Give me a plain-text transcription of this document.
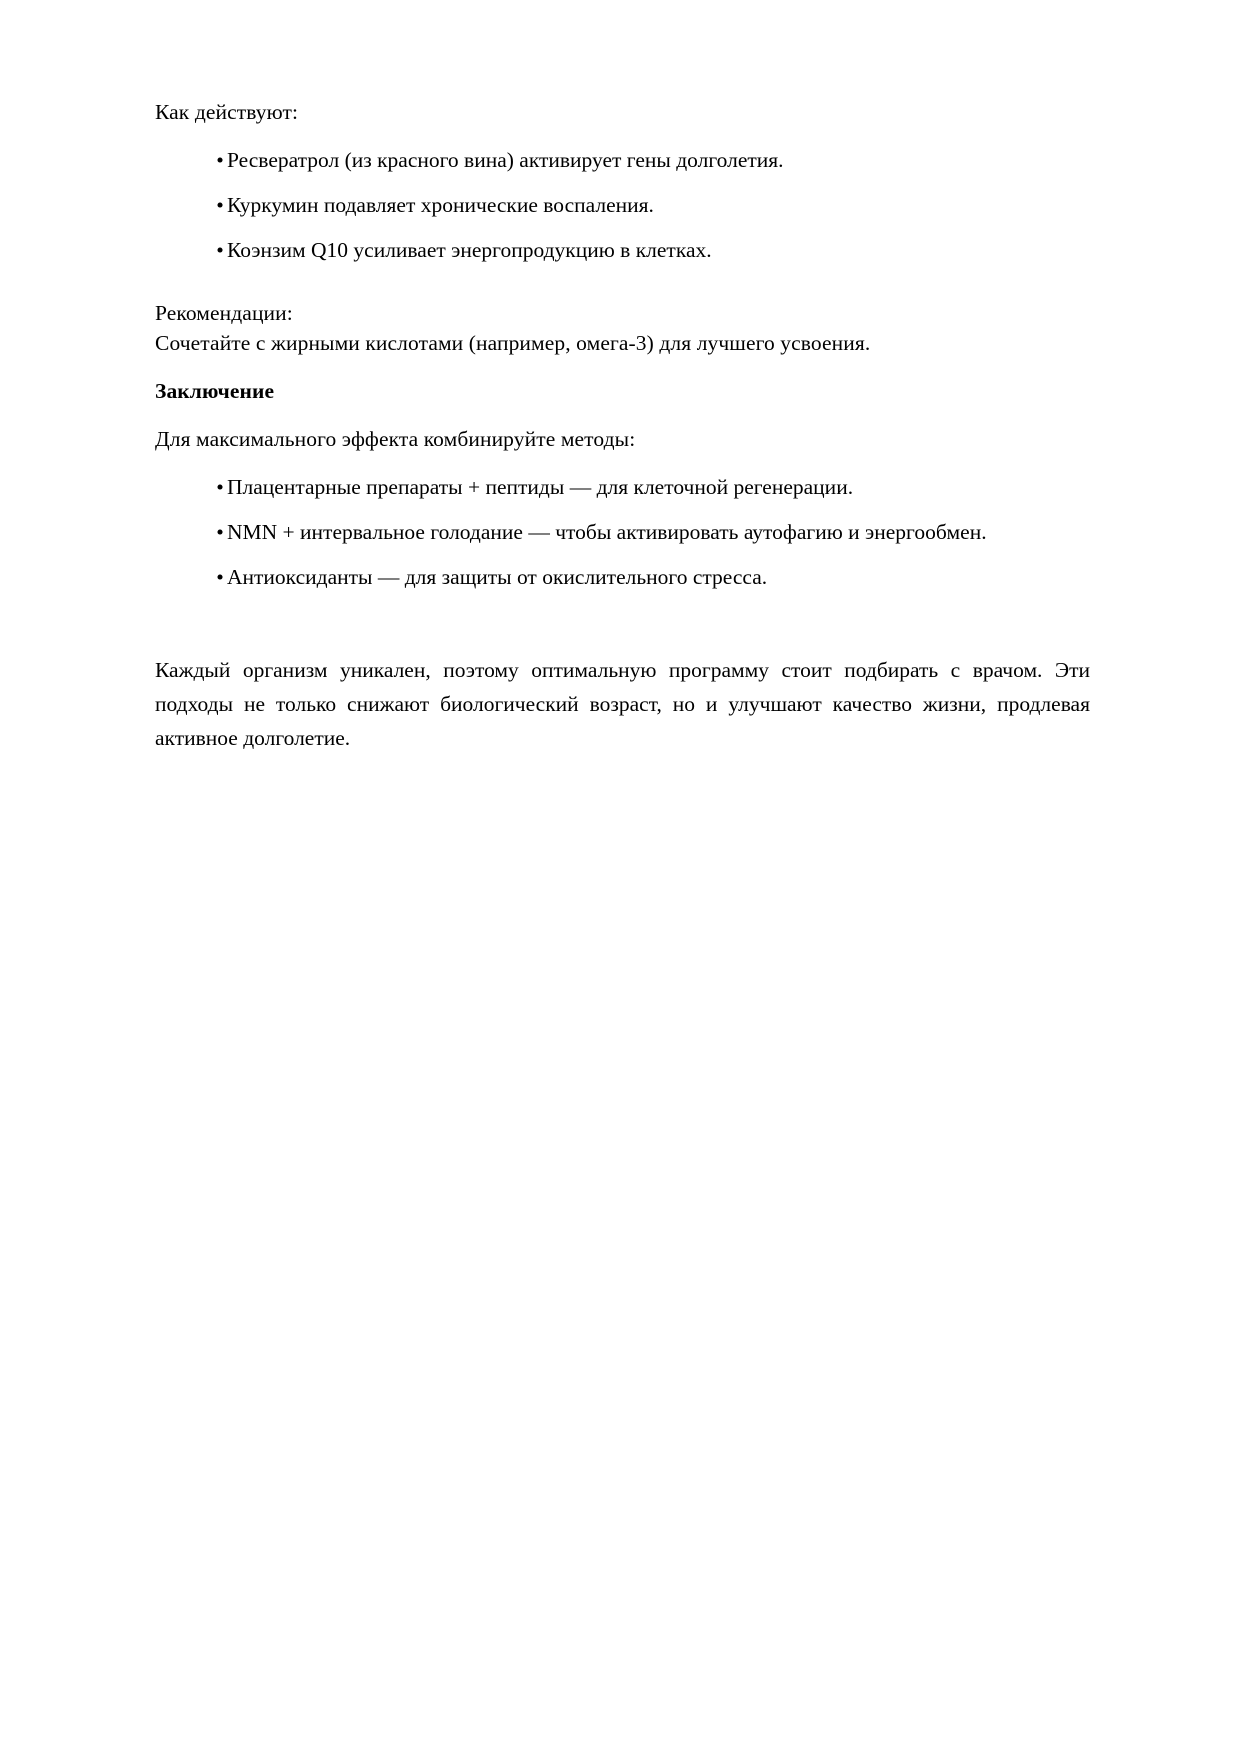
Как действуют:

• Ресвератрол (из красного вина) активирует гены долголетия.
• Куркумин подавляет хронические воспаления.
• Коэнзим Q10 усиливает энергопродукцию в клетках.

Рекомендации:

Сочетайте с жирными кислотами (например, омега-3) для лучшего усвоения.

Заключение

Для максимального эффекта комбинируйте методы:

• Плацентарные препараты + пептиды — для клеточной регенерации.
• NMN + интервальное голодание — чтобы активировать аутофагию и энергообмен.
• Антиоксиданты — для защиты от окислительного стресса.

Каждый организм уникален, поэтому оптимальную программу стоит подбирать с врачом. Эти подходы не только снижают биологический возраст, но и улучшают качество жизни, продлевая активное долголетие.
